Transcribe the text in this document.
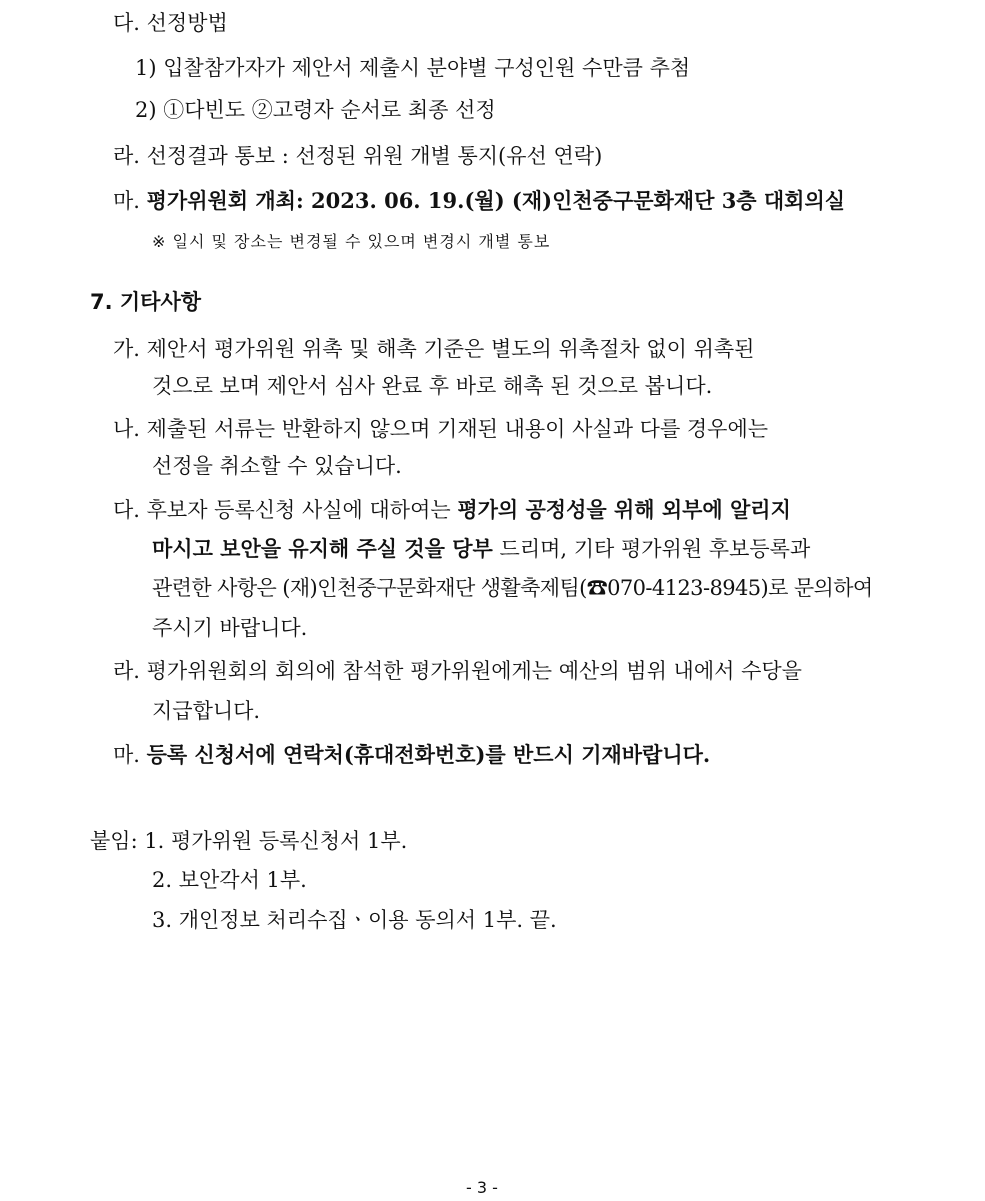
다. 선정방법
1) 입찰참가자가 제안서 제출시 분야별 구성인원 수만큼 추첨
2) ①다빈도 ②고령자 순서로 최종 선정
라. 선정결과 통보 : 선정된 위원 개별 통지(유선 연락)
마. 평가위원회 개최: 2023. 06. 19.(월) (재)인천중구문화재단 3층 대회의실
※ 일시 및 장소는 변경될 수 있으며 변경시 개별 통보
7. 기타사항
가. 제안서 평가위원 위촉 및 해촉 기준은 별도의 위촉절차 없이 위촉된
것으로 보며 제안서 심사 완료 후 바로 해촉 된 것으로 봅니다.
나. 제출된 서류는 반환하지 않으며 기재된 내용이 사실과 다를 경우에는
선정을 취소할 수 있습니다.
다. 후보자 등록신청 사실에 대하여는 평가의 공정성을 위해 외부에 알리지
마시고 보안을 유지해 주실 것을 당부 드리며, 기타 평가위원 후보등록과
관련한 사항은 (재)인천중구문화재단 생활축제팀(☎070-4123-8945)로 문의하여
주시기 바랍니다.
라. 평가위원회의 회의에 참석한 평가위원에게는 예산의 범위 내에서 수당을
지급합니다.
마. 등록 신청서에 연락처(휴대전화번호)를 반드시 기재바랍니다.
붙임: 1. 평가위원 등록신청서 1부.
2. 보안각서 1부.
3. 개인정보 처리수집ㆍ이용 동의서 1부. 끝.
- 3 -
